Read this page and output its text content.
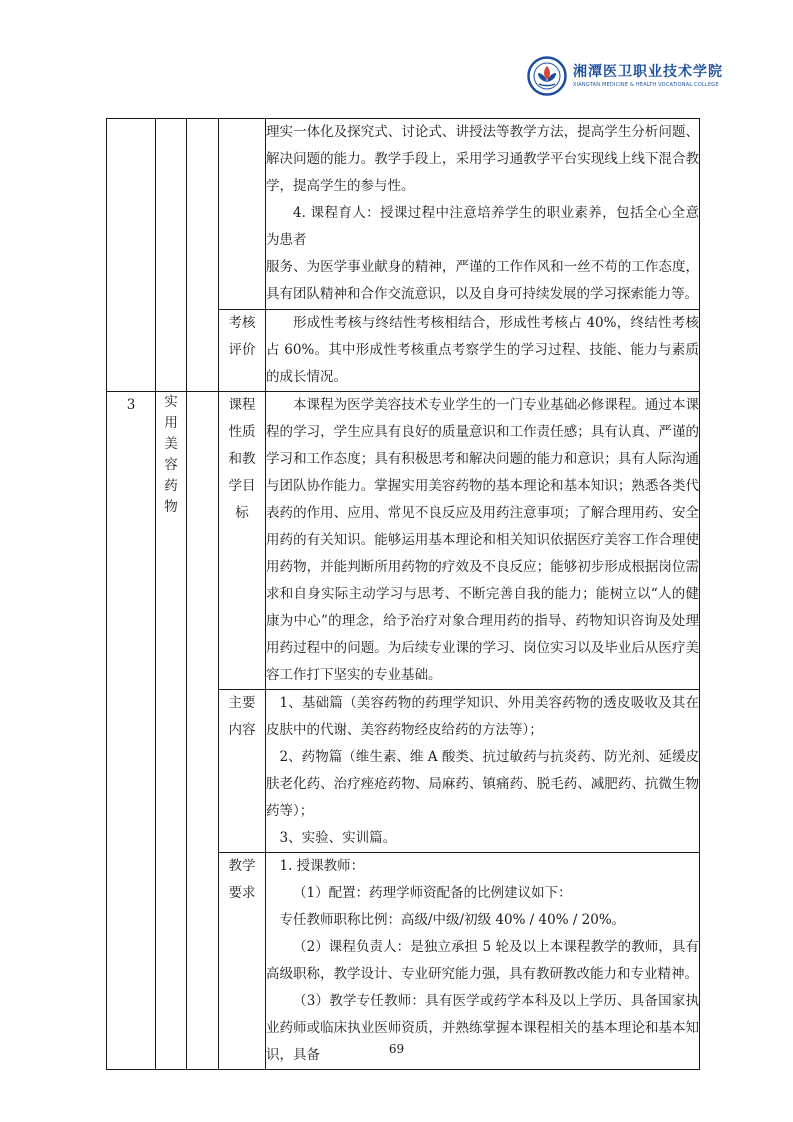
湘潭医卫职业技术学院
XIANGTAN MEDICINE & HEALTH VOCATIONAL COLLEGE

				理实一体化及探究式、讨论式、讲授法等教学方法，提高学生分析问题、解决问题的能力。教学手段上，采用学习通教学平台实现线上线下混合教学，提高学生的参与性。

4. 课程育人：授课过程中注意培养学生的职业素养，包括全心全意为患者

服务、为医学事业献身的精神，严谨的工作作风和一丝不苟的工作态度，具有团队精神和合作交流意识，以及自身可持续发展的学习探索能力等。

			考核评价	形成性考核与终结性考核相结合，形成性考核占 40%，终结性考核占 60%。其中形成性考核重点考察学生的学习过程、技能、能力与素质的成长情况。

3	实用美容药物		课程性质和教学目标	本课程为医学美容技术专业学生的一门专业基础必修课程。通过本课程的学习，学生应具有良好的质量意识和工作责任感；具有认真、严谨的学习和工作态度；具有积极思考和解决问题的能力和意识；具有人际沟通与团队协作能力。掌握实用美容药物的基本理论和基本知识；熟悉各类代表药的作用、应用、常见不良反应及用药注意事项；了解合理用药、安全用药的有关知识。能够运用基本理论和相关知识依据医疗美容工作合理使用药物，并能判断所用药物的疗效及不良反应；能够初步形成根据岗位需求和自身实际主动学习与思考、不断完善自我的能力；能树立以“人的健康为中心”的理念，给予治疗对象合理用药的指导、药物知识咨询及处理用药过程中的问题。为后续专业课的学习、岗位实习以及毕业后从医疗美容工作打下坚实的专业基础。

			主要内容	1、基础篇（美容药物的药理学知识、外用美容药物的透皮吸收及其在皮肤中的代谢、美容药物经皮给药的方法等）；

2、药物篇（维生素、维 A 酸类、抗过敏药与抗炎药、防光剂、延缓皮肤老化药、治疗痤疮药物、局麻药、镇痛药、脱毛药、减肥药、抗微生物药等）；

3、实验、实训篇。

			教学要求	1. 授课教师：

（1）配置：药理学师资配备的比例建议如下：

专任教师职称比例：高级/中级/初级 40% / 40% / 20%。

（2）课程负责人：是独立承担 5 轮及以上本课程教学的教师，具有高级职称，教学设计、专业研究能力强，具有教研教改能力和专业精神。

（3）教学专任教师：具有医学或药学本科及以上学历、具备国家执业药师或临床执业医师资质，并熟练掌握本课程相关的基本理论和基本知识，具备	69
